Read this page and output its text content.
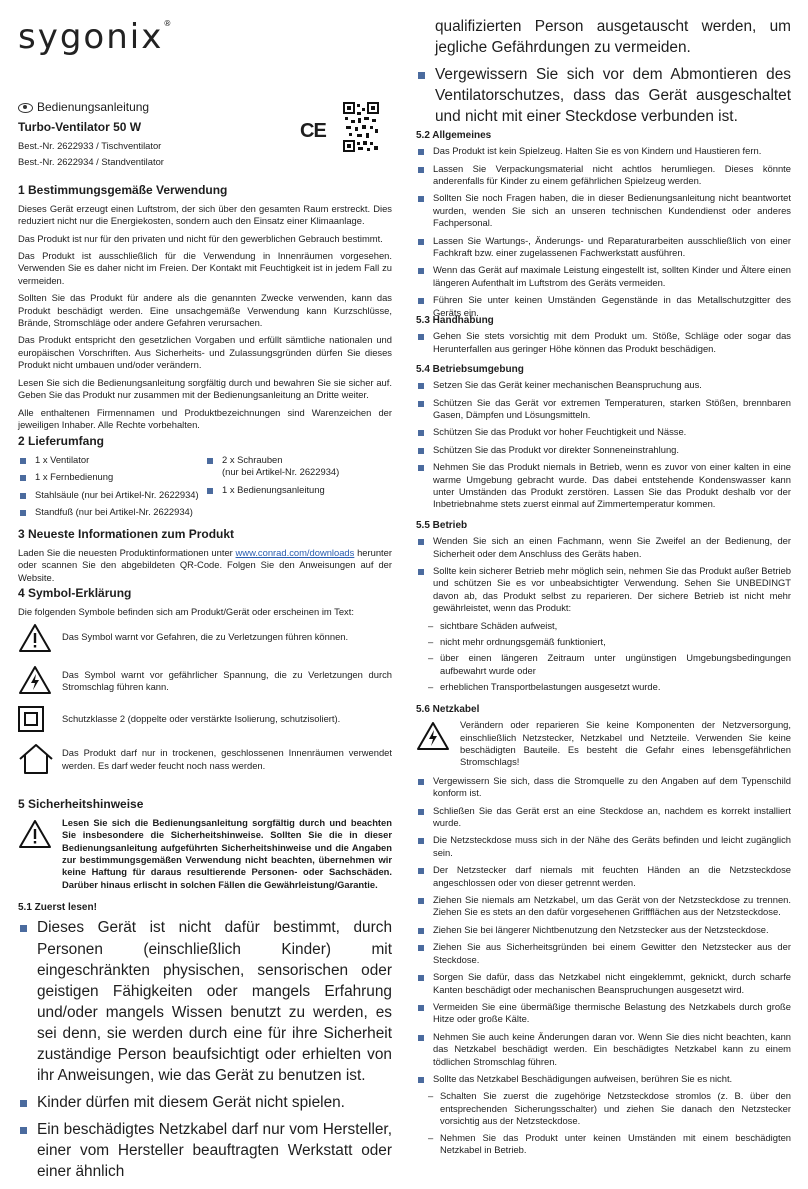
sygonix®
Bedienungsanleitung
Turbo-Ventilator 50 W
Best.-Nr. 2622933 / Tischventilator
Best.-Nr. 2622934 / Standventilator
CE
1 Bestimmungsgemäße Verwendung

Dieses Gerät erzeugt einen Luftstrom, der sich über den gesamten Raum erstreckt. Dies reduziert nicht nur die Energiekosten, sondern auch den Einsatz einer Klimaanlage.

Das Produkt ist nur für den privaten und nicht für den gewerblichen Gebrauch bestimmt.

Das Produkt ist ausschließlich für die Verwendung in Innenräumen vorgesehen. Verwenden Sie es daher nicht im Freien. Der Kontakt mit Feuchtigkeit ist in jedem Fall zu vermeiden.

Sollten Sie das Produkt für andere als die genannten Zwecke verwenden, kann das Produkt beschädigt werden. Eine unsachgemäße Verwendung kann Kurzschlüsse, Brände, Stromschläge oder andere Gefahren verursachen.

Das Produkt entspricht den gesetzlichen Vorgaben und erfüllt sämtliche nationalen und europäischen Vorschriften. Aus Sicherheits- und Zulassungsgründen dürfen Sie dieses Produkt nicht umbauen und/oder verändern.

Lesen Sie sich die Bedienungsanleitung sorgfältig durch und bewahren Sie sie sicher auf. Geben Sie das Produkt nur zusammen mit der Bedienungsanleitung an Dritte weiter.

Alle enthaltenen Firmennamen und Produktbezeichnungen sind Warenzeichen der jeweiligen Inhaber. Alle Rechte vorbehalten.

2 Lieferumfang
1 x Ventilator
1 x Fernbedienung
Stahlsäule (nur bei Artikel-Nr. 2622934)
Standfuß (nur bei Artikel-Nr. 2622934)
2 x Schrauben
(nur bei Artikel-Nr. 2622934)
1 x Bedienungsanleitung
3 Neueste Informationen zum Produkt

Laden Sie die neuesten Produktinformationen unter www.conrad.com/downloads herunter oder scannen Sie den abgebildeten QR-Code. Folgen Sie den Anweisungen auf der Website.

4 Symbol-Erklärung

Die folgenden Symbole befinden sich am Produkt/Gerät oder erscheinen im Text:

Das Symbol warnt vor Gefahren, die zu Verletzungen führen können.
Das Symbol warnt vor gefährlicher Spannung, die zu Verletzungen durch Stromschlag führen kann.
Schutzklasse 2 (doppelte oder verstärkte Isolierung, schutzisoliert).
Das Produkt darf nur in trockenen, geschlossenen Innenräumen verwendet werden. Es darf weder feucht noch nass werden.
5 Sicherheitshinweise
Lesen Sie sich die Bedienungsanleitung sorgfältig durch und beachten Sie insbesondere die Sicherheitshinweise. Sollten Sie die in dieser Bedienungsanleitung aufgeführten Sicherheitshinweise und die Angaben zur bestimmungsgemäßen Verwendung nicht beachten, übernehmen wir keine Haftung für daraus resultierende Personen- oder Sachschäden. Darüber hinaus erlischt in solchen Fällen die Gewährleistung/Garantie.
5.1 Zuerst lesen!
Dieses Gerät ist nicht dafür bestimmt, durch Personen (einschließlich Kinder) mit eingeschränkten physischen, sensorischen oder geistigen Fähigkeiten oder mangels Erfahrung und/oder mangels Wissen benutzt zu werden, es sei denn, sie werden durch eine für ihre Sicherheit zuständige Person beaufsichtigt oder erhielten von ihr Anweisungen, wie das Gerät zu benutzen ist.
Kinder dürfen mit diesem Gerät nicht spielen.
Ein beschädigtes Netzkabel darf nur vom Hersteller, einer vom Hersteller beauftragten Werkstatt oder einer ähnlich
qualifizierten Person ausgetauscht werden, um jegliche Gefährdungen zu vermeiden.
Vergewissern Sie sich vor dem Abmontieren des Ventilatorschutzes, dass das Gerät ausgeschaltet und nicht mit einer Steckdose verbunden ist.
5.2 Allgemeines
Das Produkt ist kein Spielzeug. Halten Sie es von Kindern und Haustieren fern.
Lassen Sie Verpackungsmaterial nicht achtlos herumliegen. Dieses könnte anderenfalls für Kinder zu einem gefährlichen Spielzeug werden.
Sollten Sie noch Fragen haben, die in dieser Bedienungsanleitung nicht beantwortet wurden, wenden Sie sich an unseren technischen Kundendienst oder anderes Fachpersonal.
Lassen Sie Wartungs-, Änderungs- und Reparaturarbeiten ausschließlich von einer Fachkraft bzw. einer zugelassenen Fachwerkstatt ausführen.
Wenn das Gerät auf maximale Leistung eingestellt ist, sollten Kinder und Ältere einen längeren Aufenthalt im Luftstrom des Geräts vermeiden.
Führen Sie unter keinen Umständen Gegenstände in das Metallschutzgitter des Geräts ein.
5.3 Handhabung
Gehen Sie stets vorsichtig mit dem Produkt um. Stöße, Schläge oder sogar das Herunterfallen aus geringer Höhe können das Produkt beschädigen.
5.4 Betriebsumgebung
Setzen Sie das Gerät keiner mechanischen Beanspruchung aus.
Schützen Sie das Gerät vor extremen Temperaturen, starken Stößen, brennbaren Gasen, Dämpfen und Lösungsmitteln.
Schützen Sie das Produkt vor hoher Feuchtigkeit und Nässe.
Schützen Sie das Produkt vor direkter Sonneneinstrahlung.
Nehmen Sie das Produkt niemals in Betrieb, wenn es zuvor von einer kalten in eine warme Umgebung gebracht wurde. Das dabei entstehende Kondenswasser kann unter Umständen das Produkt zerstören. Lassen Sie das Produkt deshalb vor der Inbetriebnahme stets zuerst einmal auf Zimmertemperatur kommen.
5.5 Betrieb
Wenden Sie sich an einen Fachmann, wenn Sie Zweifel an der Bedienung, der Sicherheit oder dem Anschluss des Geräts haben.
Sollte kein sicherer Betrieb mehr möglich sein, nehmen Sie das Produkt außer Betrieb und schützen Sie es vor unbeabsichtigter Verwendung. Sehen Sie UNBEDINGT davon ab, das Produkt selbst zu reparieren. Der sichere Betrieb ist nicht mehr gewährleistet, wenn das Produkt:
– sichtbare Schäden aufweist,
– nicht mehr ordnungsgemäß funktioniert,
– über einen längeren Zeitraum unter ungünstigen Umgebungsbedingungen aufbewahrt wurde oder
– erheblichen Transportbelastungen ausgesetzt wurde.
5.6 Netzkabel
Verändern oder reparieren Sie keine Komponenten der Netzversorgung, einschließlich Netzstecker, Netzkabel und Netzteile. Verwenden Sie keine beschädigten Bauteile. Es besteht die Gefahr eines lebensgefährlichen Stromschlags!
Vergewissern Sie sich, dass die Stromquelle zu den Angaben auf dem Typenschild konform ist.
Schließen Sie das Gerät erst an eine Steckdose an, nachdem es korrekt installiert wurde.
Die Netzsteckdose muss sich in der Nähe des Geräts befinden und leicht zugänglich sein.
Der Netzstecker darf niemals mit feuchten Händen an die Netzsteckdose angeschlossen oder von dieser getrennt werden.
Ziehen Sie niemals am Netzkabel, um das Gerät von der Netzsteckdose zu trennen. Ziehen Sie es stets an den dafür vorgesehenen Griffflächen aus der Netzsteckdose.
Ziehen Sie bei längerer Nichtbenutzung den Netzstecker aus der Netzsteckdose.
Ziehen Sie aus Sicherheitsgründen bei einem Gewitter den Netzstecker aus der Steckdose.
Sorgen Sie dafür, dass das Netzkabel nicht eingeklemmt, geknickt, durch scharfe Kanten beschädigt oder mechanischen Beanspruchungen ausgesetzt wird.
Vermeiden Sie eine übermäßige thermische Belastung des Netzkabels durch große Hitze oder große Kälte.
Nehmen Sie auch keine Änderungen daran vor. Wenn Sie dies nicht beachten, kann das Netzkabel beschädigt werden. Ein beschädigtes Netzkabel kann zu einem tödlichen Stromschlag führen.
Sollte das Netzkabel Beschädigungen aufweisen, berühren Sie es nicht.
– Schalten Sie zuerst die zugehörige Netzsteckdose stromlos (z. B. über den entsprechenden Sicherungsschalter) und ziehen Sie danach den Netzstecker vorsichtig aus der Netzsteckdose.
– Nehmen Sie das Produkt unter keinen Umständen mit einem beschädigten Netzkabel in Betrieb.
